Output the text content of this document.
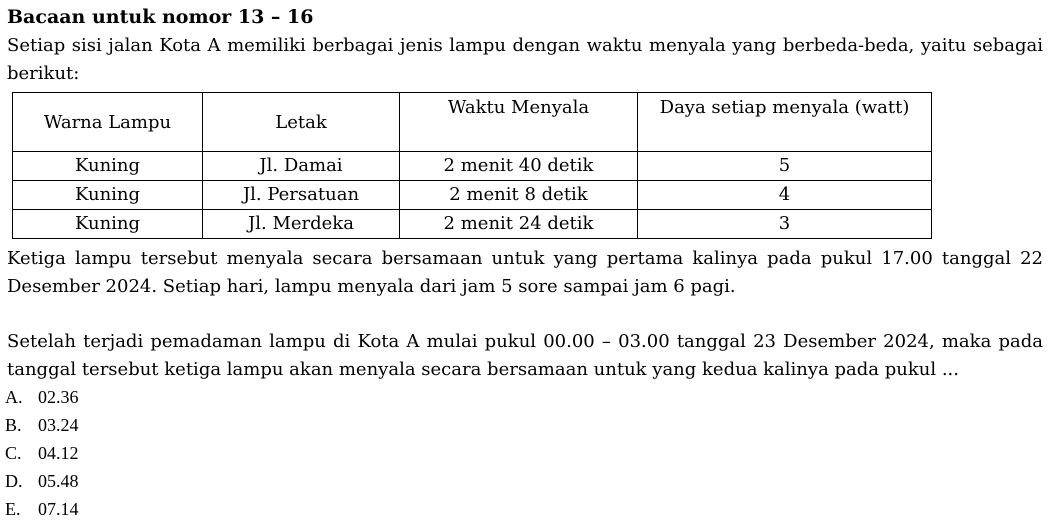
Bacaan untuk nomor 13 – 16
Setiap sisi jalan Kota A memiliki berbagai jenis lampu dengan waktu menyala yang berbeda-beda, yaitu sebagai berikut:
Warna Lampu	Letak	Waktu Menyala	Daya setiap menyala (watt)
Kuning	Jl. Damai	2 menit 40 detik	5
Kuning	Jl. Persatuan	2 menit 8 detik	4
Kuning	Jl. Merdeka	2 menit 24 detik	3
Ketiga lampu tersebut menyala secara bersamaan untuk yang pertama kalinya pada pukul 17.00 tanggal 22 Desember 2024. Setiap hari, lampu menyala dari jam 5 sore sampai jam 6 pagi.
Setelah terjadi pemadaman lampu di Kota A mulai pukul 00.00 – 03.00 tanggal 23 Desember 2024, maka pada tanggal tersebut ketiga lampu akan menyala secara bersamaan untuk yang kedua kalinya pada pukul ...
A. 02.36
B. 03.24
C. 04.12
D. 05.48
E. 07.14
